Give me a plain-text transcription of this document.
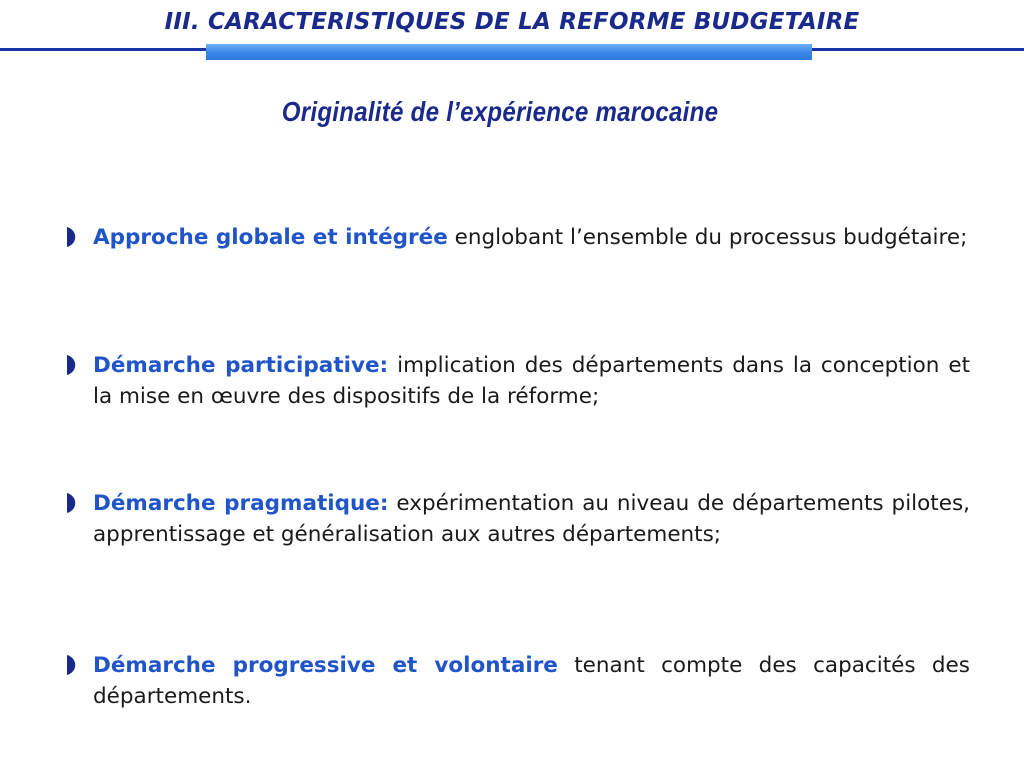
III. CARACTERISTIQUES DE LA REFORME BUDGETAIRE
Originalité de l’expérience marocaine
Approche globale et intégrée englobant l’ensemble du processus budgétaire;
Démarche participative: implication des départements dans la conception et la mise en œuvre des dispositifs de la réforme;
Démarche pragmatique: expérimentation au niveau de départements pilotes, apprentissage et généralisation aux autres départements;
Démarche progressive et volontaire tenant compte des capacités des départements.
